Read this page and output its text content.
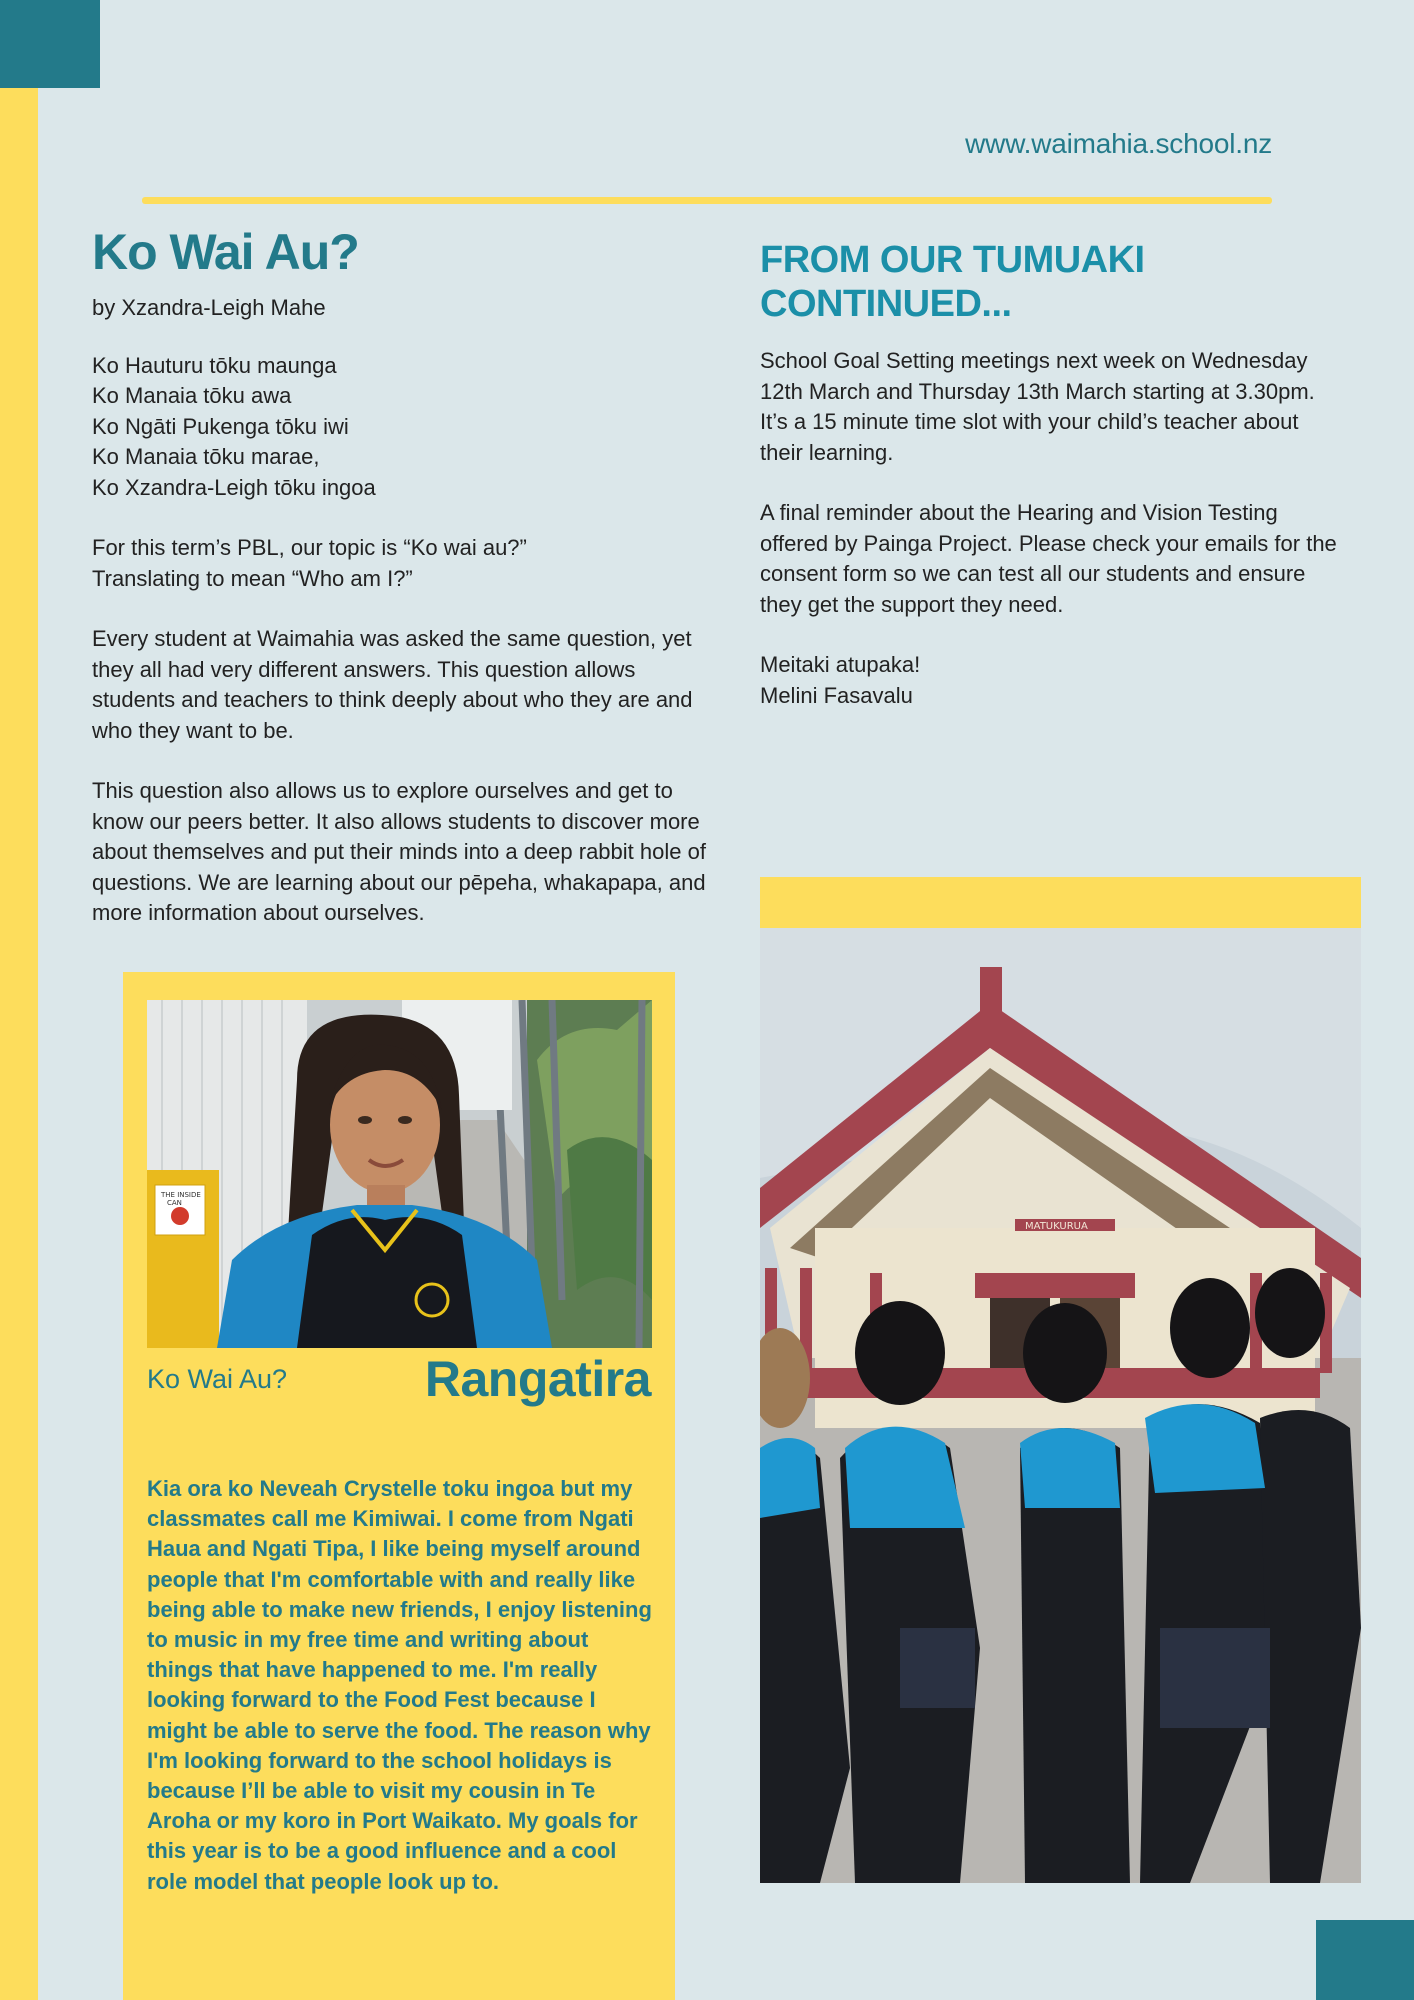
www.waimahia.school.nz
Ko Wai Au?

by Xzandra-Leigh Mahe

Ko Hauturu tōku maunga

Ko Manaia tōku awa

Ko Ngāti Pukenga tōku iwi

Ko Manaia tōku marae,

Ko Xzandra-Leigh tōku ingoa

For this term’s PBL, our topic is “Ko wai au?”

Translating to mean “Who am I?”

Every student at Waimahia was asked the same question, yet they all had very different answers. This question allows students and teachers to think deeply about who they are and who they want to be.

This question also allows us to explore ourselves and get to know our peers better. It also allows students to discover more about themselves and put their minds into a deep rabbit hole of questions. We are learning about our pēpeha, whakapapa, and more information about ourselves.

FROM OUR TUMUAKI
CONTINUED...

School Goal Setting meetings next week on Wednesday 12th March and Thursday 13th March starting at 3.30pm. It’s a 15 minute time slot with your child’s teacher about their learning.

A final reminder about the Hearing and Vision Testing offered by Painga Project. Please check your emails for the consent form so we can test all our students and ensure they get the support they need.

Meitaki atupaka!

Melini Fasavalu

THE INSIDE
CAN
Ko Wai Au?	Rangatira

Kia ora ko Neveah Crystelle toku ingoa but my classmates call me Kimiwai. I come from Ngati Haua and Ngati Tipa, I like being myself around people that I'm comfortable with and really like being able to make new friends, I enjoy listening to music in my free time and writing about things that have happened to me. I'm really looking forward to the Food Fest because I might be able to serve the food. The reason why I'm looking forward to the school holidays is because I’ll be able to visit my cousin in Te Aroha or my koro in Port Waikato. My goals for this year is to be a good influence and a cool role model that people look up to.

MATUKURUA
